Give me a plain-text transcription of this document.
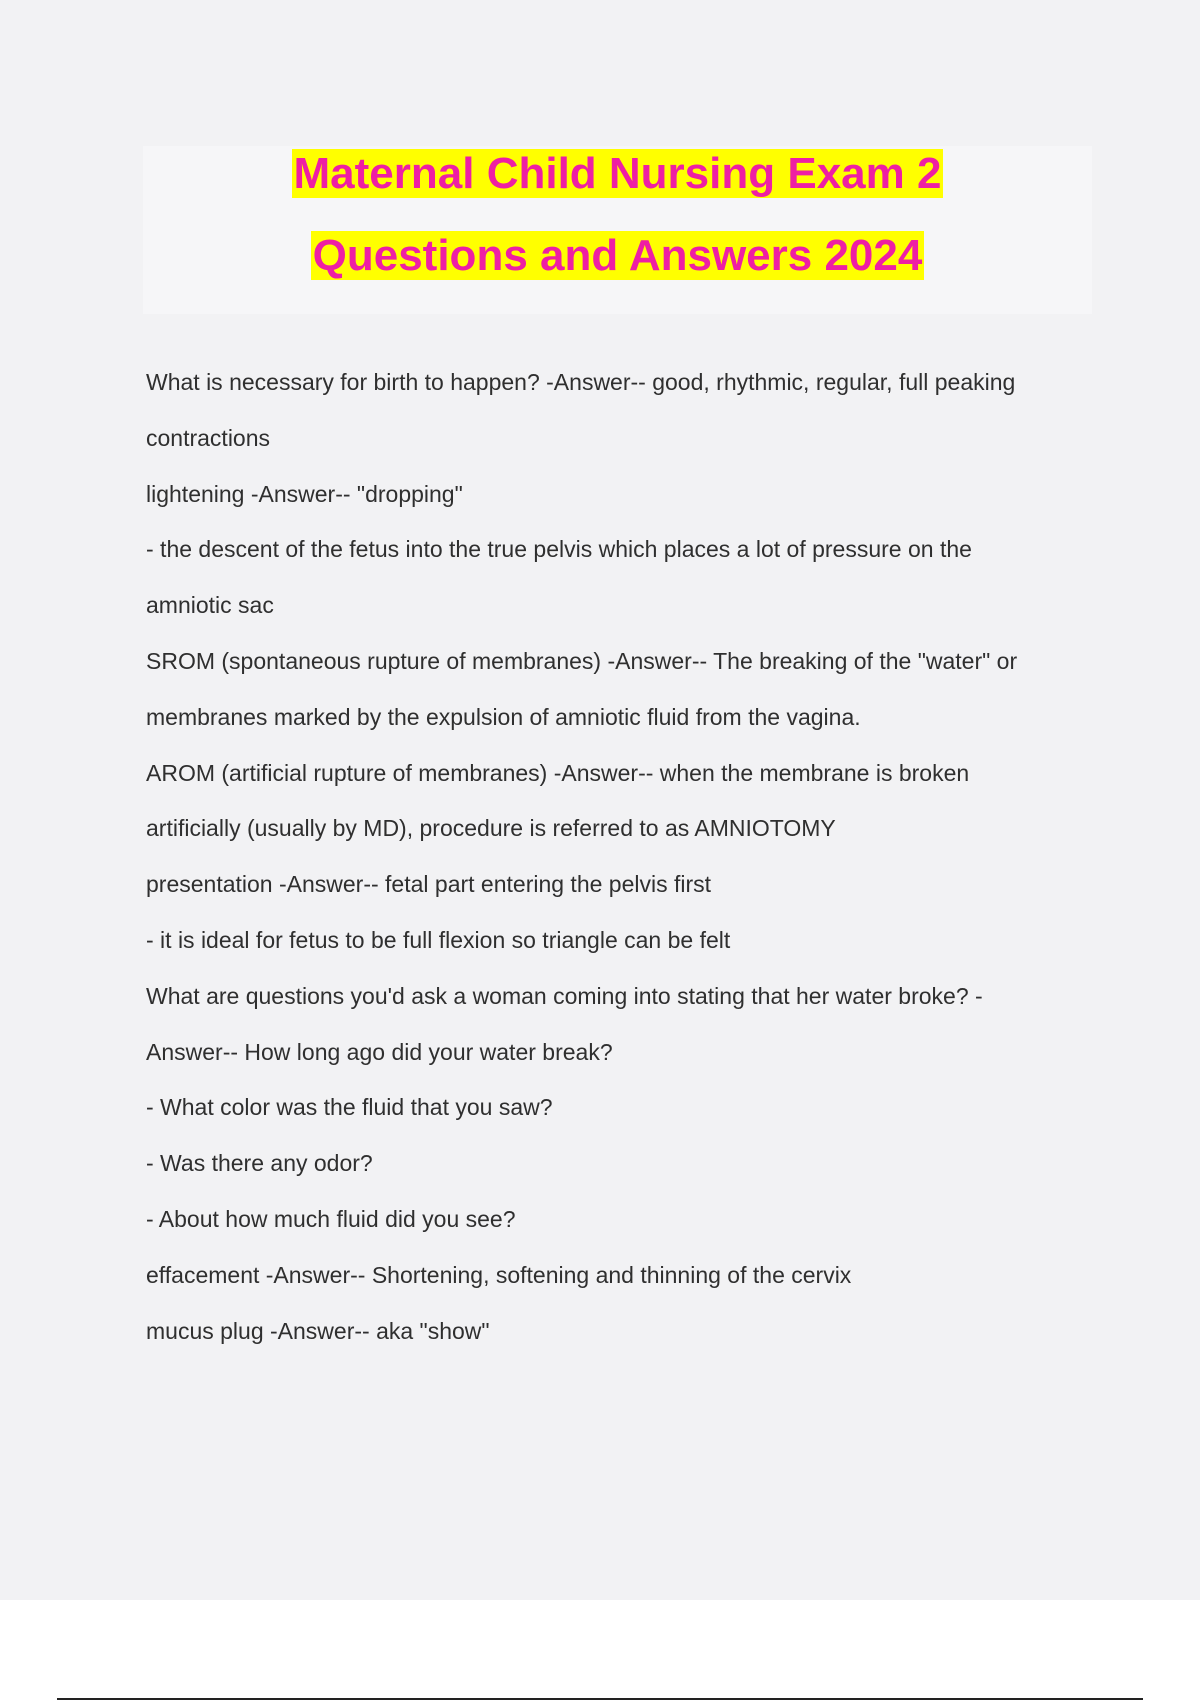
Maternal Child Nursing Exam 2
Questions and Answers 2024
What is necessary for birth to happen? -Answer-- good, rhythmic, regular, full peaking
contractions
lightening -Answer-- "dropping"
- the descent of the fetus into the true pelvis which places a lot of pressure on the
amniotic sac
SROM (spontaneous rupture of membranes) -Answer-- The breaking of the "water" or
membranes marked by the expulsion of amniotic fluid from the vagina.
AROM (artificial rupture of membranes) -Answer-- when the membrane is broken
artificially (usually by MD), procedure is referred to as AMNIOTOMY
presentation -Answer-- fetal part entering the pelvis first
- it is ideal for fetus to be full flexion so triangle can be felt
What are questions you'd ask a woman coming into stating that her water broke? -
Answer-- How long ago did your water break?
- What color was the fluid that you saw?
- Was there any odor?
- About how much fluid did you see?
effacement -Answer-- Shortening, softening and thinning of the cervix
mucus plug -Answer-- aka "show"
